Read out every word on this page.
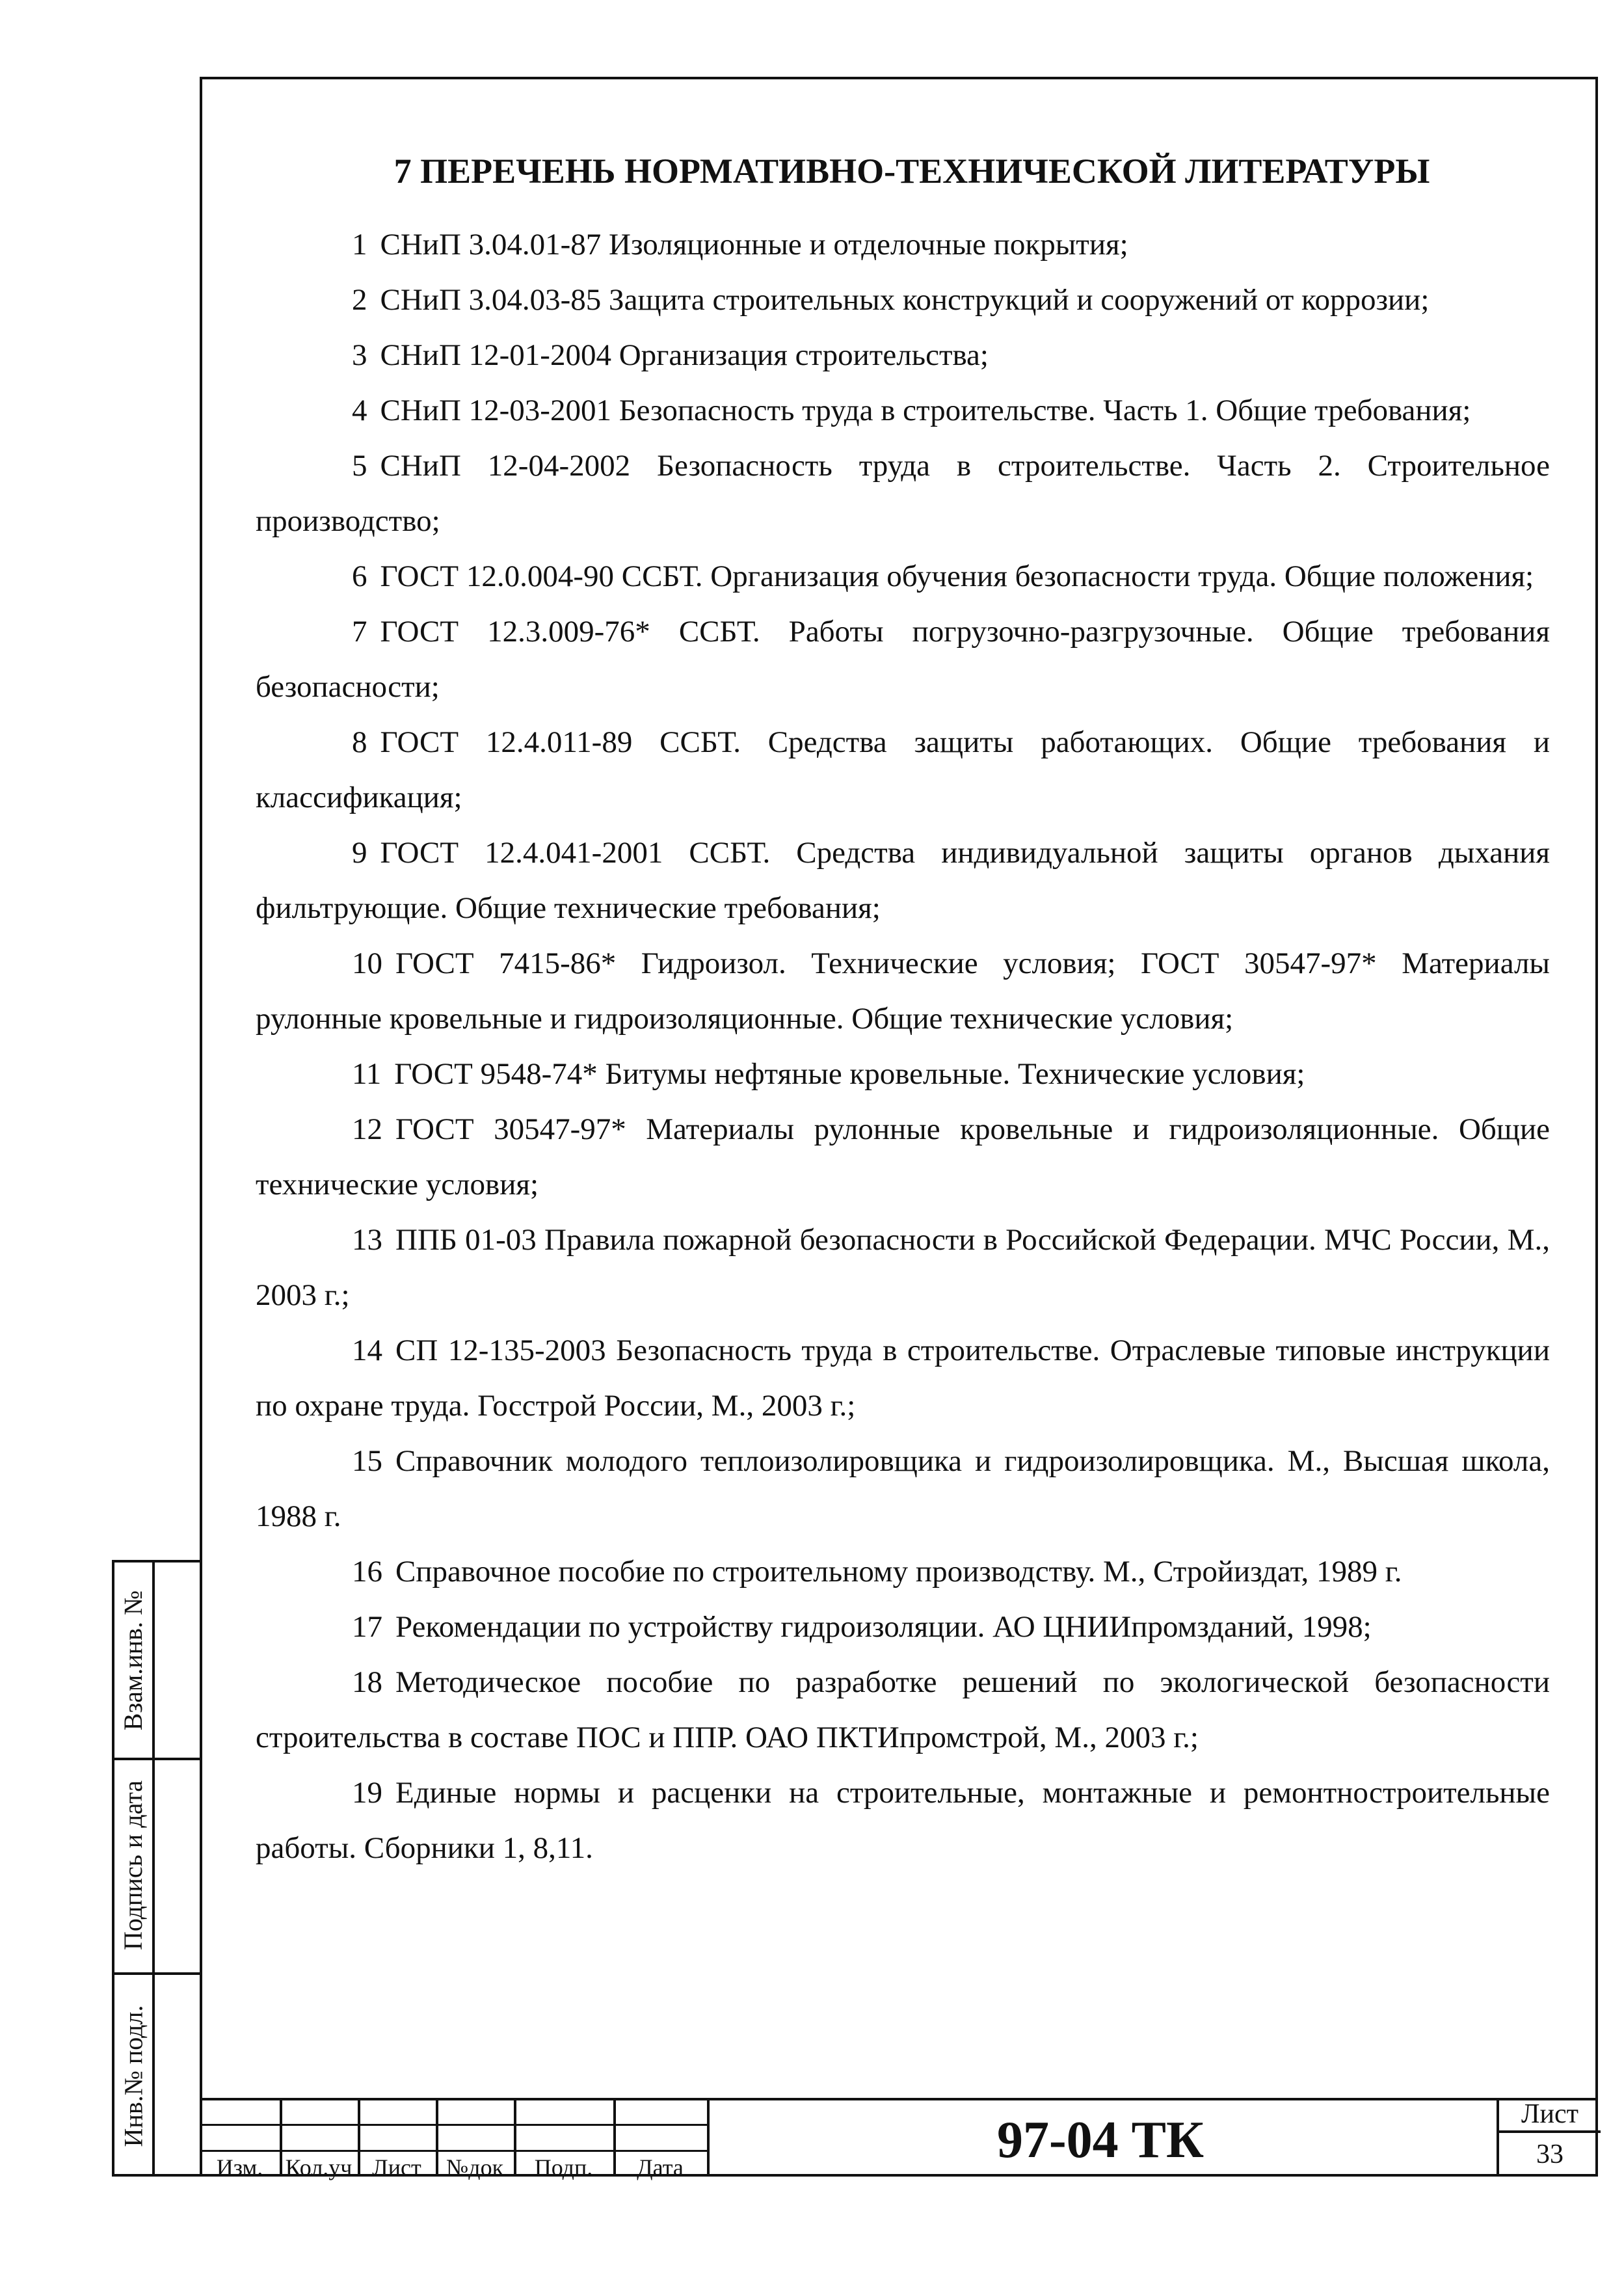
7 ПЕРЕЧЕНЬ НОРМАТИВНО-ТЕХНИЧЕСКОЙ ЛИТЕРАТУРЫ

1 СНиП 3.04.01-87 Изоляционные и отделочные покрытия;

2 СНиП 3.04.03-85 Защита строительных конструкций и сооружений от коррозии;

3 СНиП 12-01-2004 Организация строительства;

4 СНиП 12-03-2001 Безопасность труда в строительстве. Часть 1. Общие требования;

5 СНиП 12-04-2002 Безопасность труда в строительстве. Часть 2. Строительное производство;

6 ГОСТ 12.0.004-90 ССБТ. Организация обучения безопасности труда. Общие положения;

7 ГОСТ 12.3.009-76* ССБТ. Работы погрузочно-разгрузочные. Общие требования безопасности;

8 ГОСТ 12.4.011-89 ССБТ. Средства защиты работающих. Общие требования и классификация;

9 ГОСТ 12.4.041-2001 ССБТ. Средства индивидуальной защиты органов дыхания фильтрующие. Общие технические требования;

10 ГОСТ 7415-86* Гидроизол. Технические условия; ГОСТ 30547-97* Материалы рулонные кровельные и гидроизоляционные. Общие технические условия;

11 ГОСТ 9548-74* Битумы нефтяные кровельные. Технические условия;

12 ГОСТ 30547-97* Материалы рулонные кровельные и гидроизоляционные. Общие технические условия;

13 ППБ 01-03 Правила пожарной безопасности в Российской Федерации. МЧС России, М., 2003 г.;

14 СП 12-135-2003 Безопасность труда в строительстве. Отраслевые типовые инструкции по охране труда. Госстрой России, М., 2003 г.;

15 Справочник молодого теплоизолировщика и гидроизолировщика. М., Высшая школа, 1988 г.

16 Справочное пособие по строительному производству. М., Стройиздат, 1989 г.

17 Рекомендации по устройству гидроизоляции. АО ЦНИИпромзданий, 1998;

18 Методическое пособие по разработке решений по экологической безопасности строительства в составе ПОС и ППР. ОАО ПКТИпромстрой, М., 2003 г.;

19 Единые нормы и расценки на строительные, монтажные и ремонтностроительные работы. Сборники 1, 8,11.

Взам.инв. №
Подпись и дата
Инв.№ подл.
Изм. Кол.уч Лист	№док	Подп.	Дата	97-04 ТК	Лист
33
